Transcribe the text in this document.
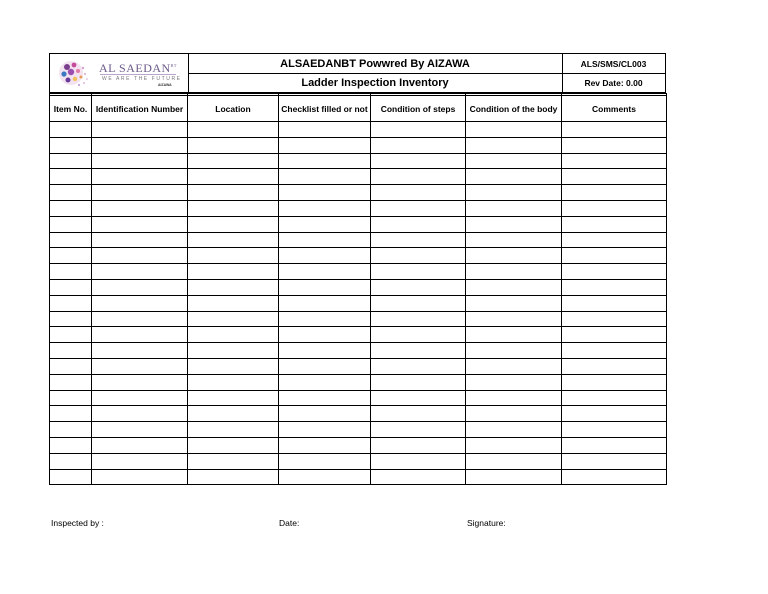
AL $SAEDAN^{BT}$
WE ARE THE FUTURE
AIZAWA
ALSAEDANBT Powwred By AIZAWA
Ladder Inspection Inventory
ALS/SMS/CL003
Rev Date: 0.00

Item No.	Identification Number	Location	Checklist filled or not	Condition of steps	Condition of the body	Comments

Inspected by :	Date:	Signature:
